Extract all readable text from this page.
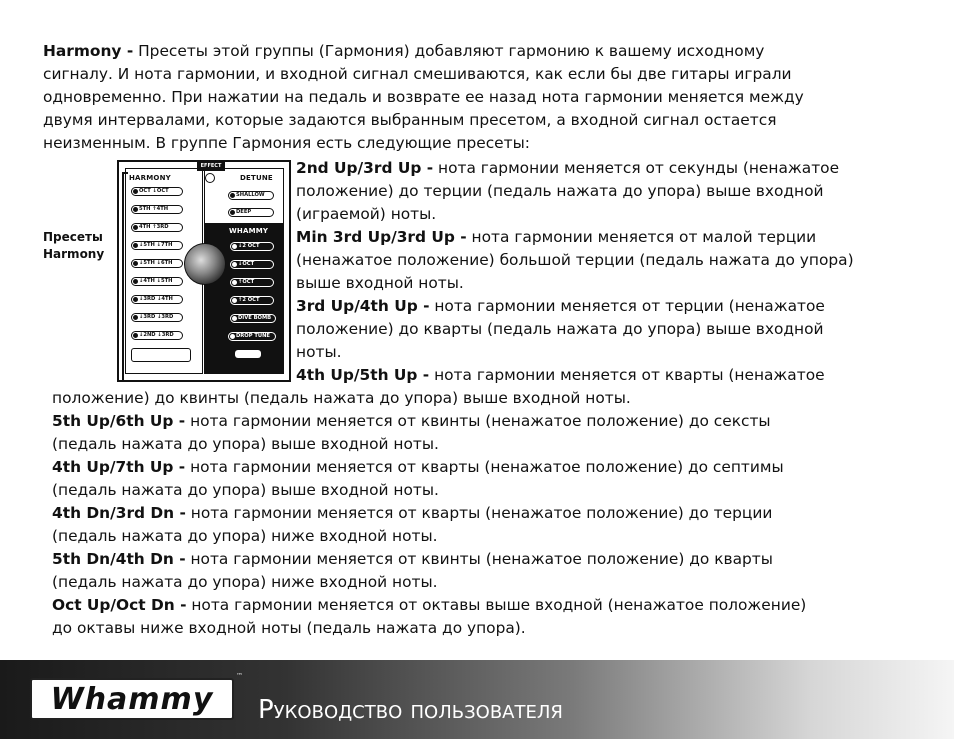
Harmony - Пресеты этой группы (Гармония) добавляют гармонию к вашему исходному

сигналу. И нота гармонии, и входной сигнал смешиваются, как если бы две гитары играли

одновременно. При нажатии на педаль и возврате ее назад нота гармонии меняется между

двумя интервалами, которые задаются выбранным пресетом, а входной сигнал остается

неизменным. В группе Гармония есть следующие пресеты:

Пресеты
Harmony
EFFECT
HARMONY	DETUNE
WHAMMY
OCT ↓OCT
5TH ↑4TH
4TH ↑3RD
↓5TH ↓7TH
↓5TH ↓6TH
↓4TH ↓5TH
↓3RD ↓4TH
↓3RD ↓3RD
↓2ND ↓3RD
SHALLOW
DEEP
↓2 OCT
↓OCT
↑OCT
↑2 OCT
DIVE BOMB
DROP TUNE

2nd Up/3rd Up - нота гармонии меняется от секунды (ненажатое

положение) до терции (педаль нажата до упора) выше входной

(играемой) ноты.

Min 3rd Up/3rd Up - нота гармонии меняется от малой терции

(ненажатое положение) большой терции (педаль нажата до упора)

выше входной ноты.

3rd Up/4th Up - нота гармонии меняется от терции (ненажатое

положение) до кварты (педаль нажата до упора) выше входной

ноты.

4th Up/5th Up - нота гармонии меняется от кварты (ненажатое

положение) до квинты (педаль нажата до упора) выше входной ноты.

5th Up/6th Up - нота гармонии меняется от квинты (ненажатое положение) до сексты

(педаль нажата до упора) выше входной ноты.

4th Up/7th Up - нота гармонии меняется от кварты (ненажатое положение) до септимы

(педаль нажата до упора) выше входной ноты.

4th Dn/3rd Dn - нота гармонии меняется от кварты (ненажатое положение) до терции

(педаль нажата до упора) ниже входной ноты.

5th Dn/4th Dn - нота гармонии меняется от квинты (ненажатое положение) до кварты

(педаль нажата до упора) ниже входной ноты.

Oct Up/Oct Dn - нота гармонии меняется от октавы выше входной (ненажатое положение)

до октавы ниже входной ноты (педаль нажата до упора).

Whammy
™
Руководство пользователя
